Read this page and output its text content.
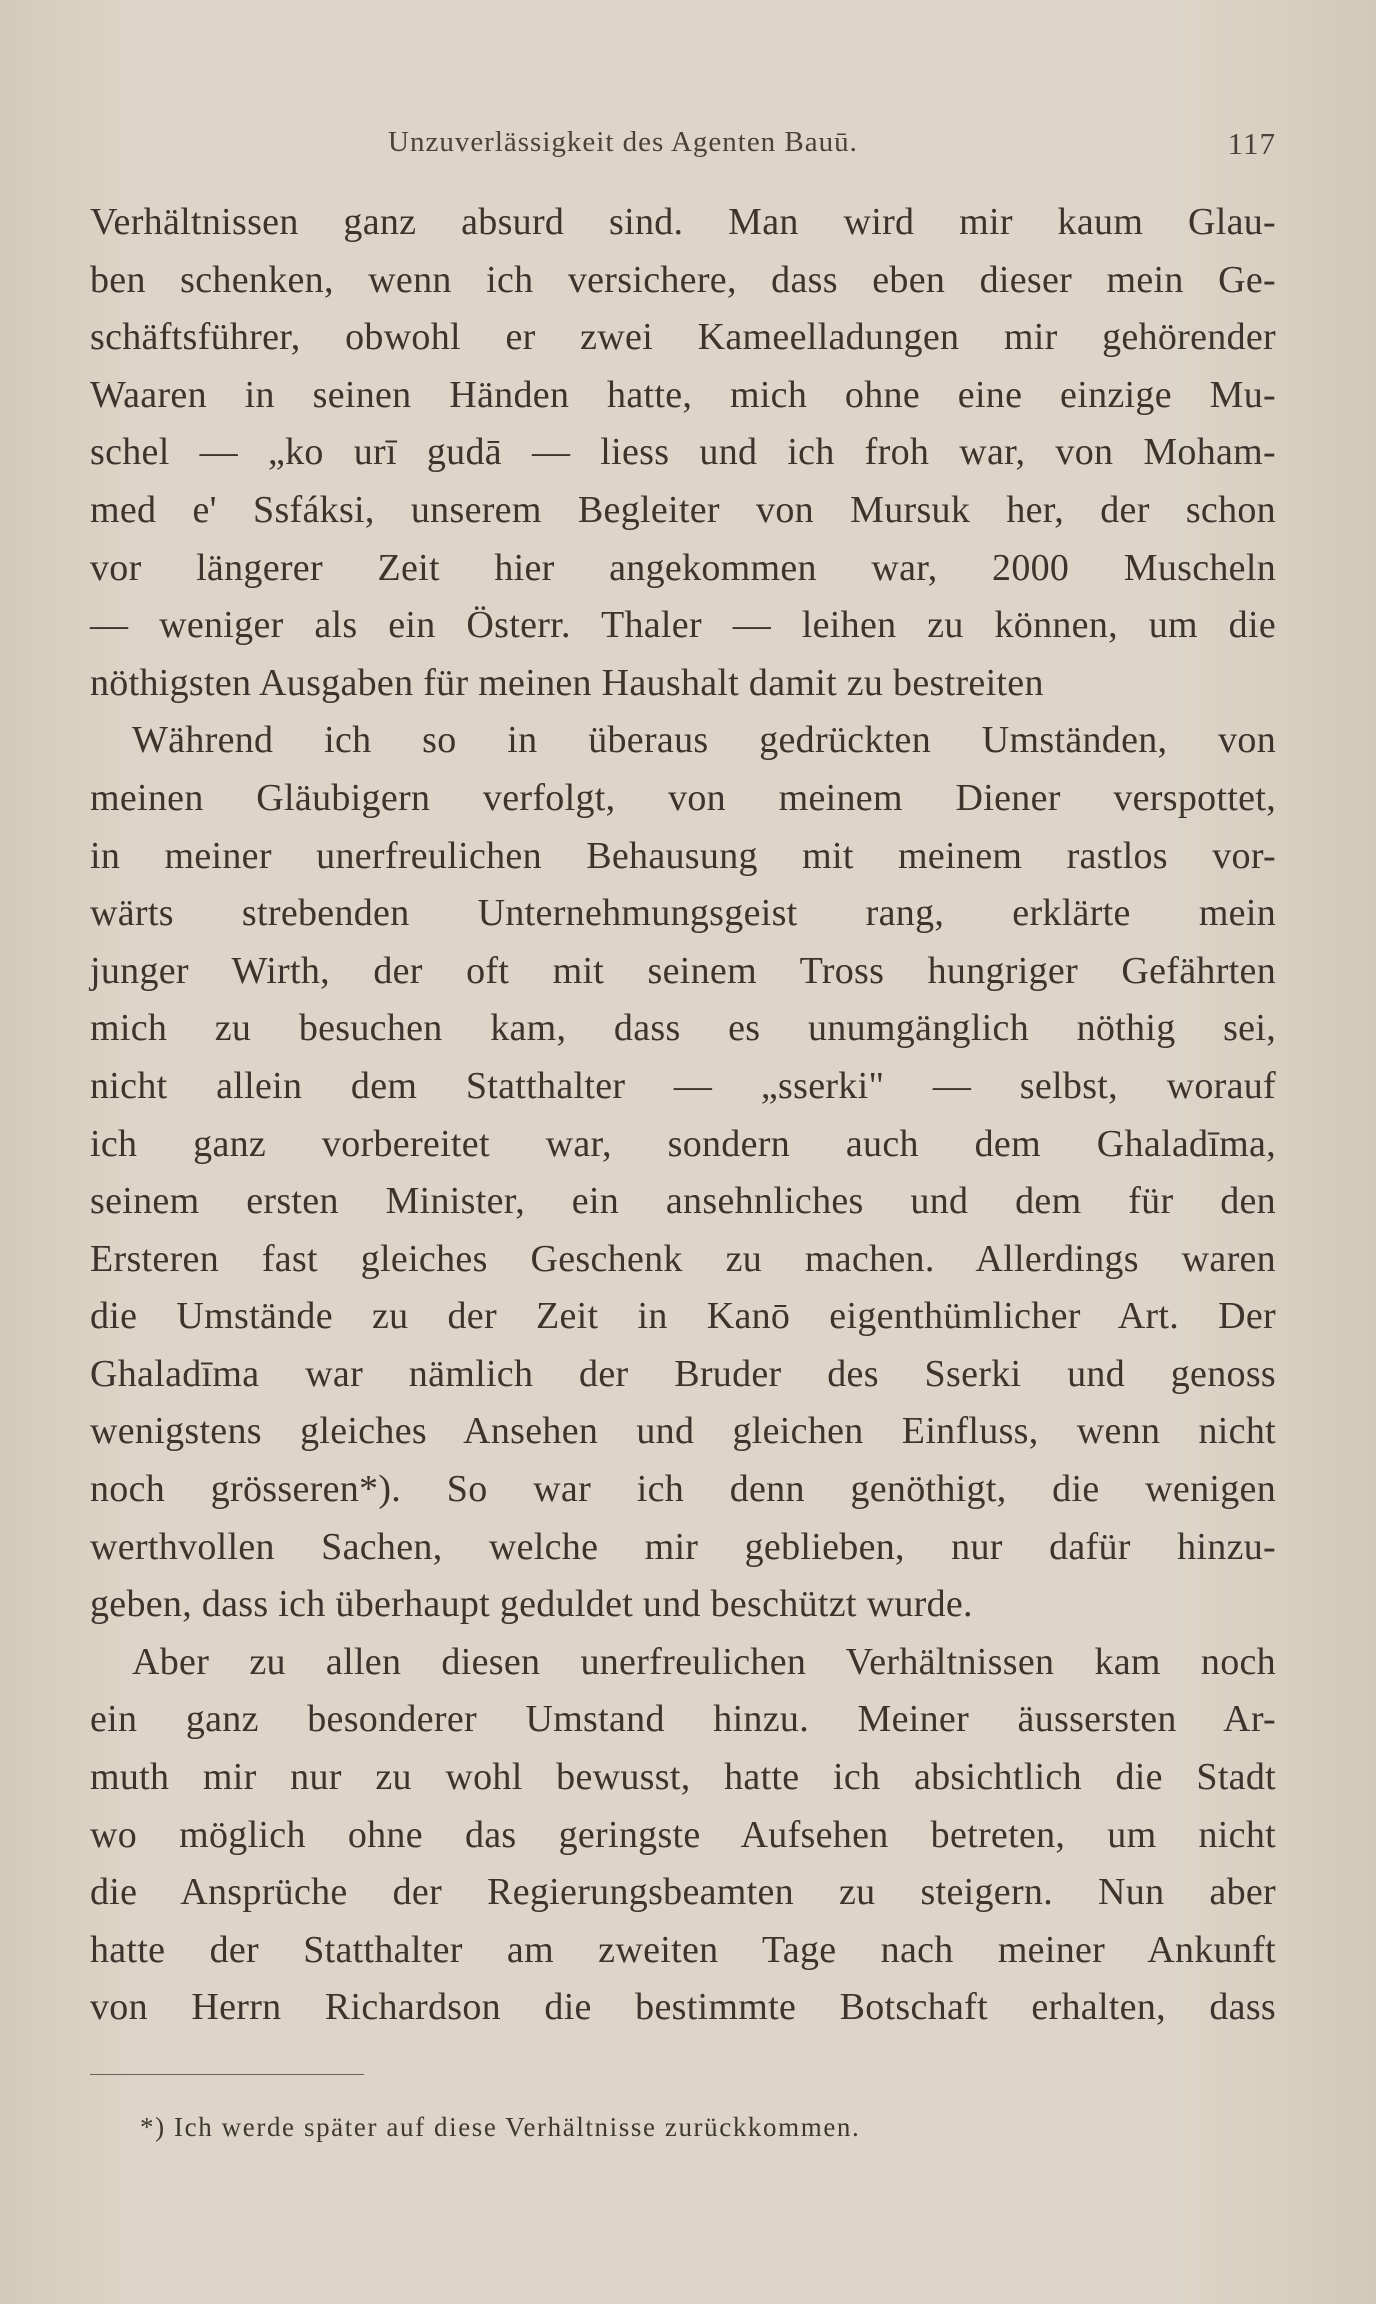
Unzuverlässigkeit des Agenten Bauū.	117
Verhältnissen ganz absurd sind. Man wird mir kaum Glau-
ben schenken, wenn ich versichere, dass eben dieser mein Ge-
schäftsführer, obwohl er zwei Kameelladungen mir gehörender
Waaren in seinen Händen hatte, mich ohne eine einzige Mu-
schel — „ko urī gudā — liess und ich froh war, von Moham-
med e' Ssfáksi, unserem Begleiter von Mursuk her, der schon
vor längerer Zeit hier angekommen war, 2000 Muscheln
— weniger als ein Österr. Thaler — leihen zu können, um die
nöthigsten Ausgaben für meinen Haushalt damit zu bestreiten
Während ich so in überaus gedrückten Umständen, von
meinen Gläubigern verfolgt, von meinem Diener verspottet,
in meiner unerfreulichen Behausung mit meinem rastlos vor-
wärts strebenden Unternehmungsgeist rang, erklärte mein
junger Wirth, der oft mit seinem Tross hungriger Gefährten
mich zu besuchen kam, dass es unumgänglich nöthig sei,
nicht allein dem Statthalter — „sserki" — selbst, worauf
ich ganz vorbereitet war, sondern auch dem Ghaladīma,
seinem ersten Minister, ein ansehnliches und dem für den
Ersteren fast gleiches Geschenk zu machen. Allerdings waren
die Umstände zu der Zeit in Kanō eigenthümlicher Art. Der
Ghaladīma war nämlich der Bruder des Sserki und genoss
wenigstens gleiches Ansehen und gleichen Einfluss, wenn nicht
noch grösseren*). So war ich denn genöthigt, die wenigen
werthvollen Sachen, welche mir geblieben, nur dafür hinzu-
geben, dass ich überhaupt geduldet und beschützt wurde.
Aber zu allen diesen unerfreulichen Verhältnissen kam noch
ein ganz besonderer Umstand hinzu. Meiner äussersten Ar-
muth mir nur zu wohl bewusst, hatte ich absichtlich die Stadt
wo möglich ohne das geringste Aufsehen betreten, um nicht
die Ansprüche der Regierungsbeamten zu steigern. Nun aber
hatte der Statthalter am zweiten Tage nach meiner Ankunft
von Herrn Richardson die bestimmte Botschaft erhalten, dass
*) Ich werde später auf diese Verhältnisse zurückkommen.
